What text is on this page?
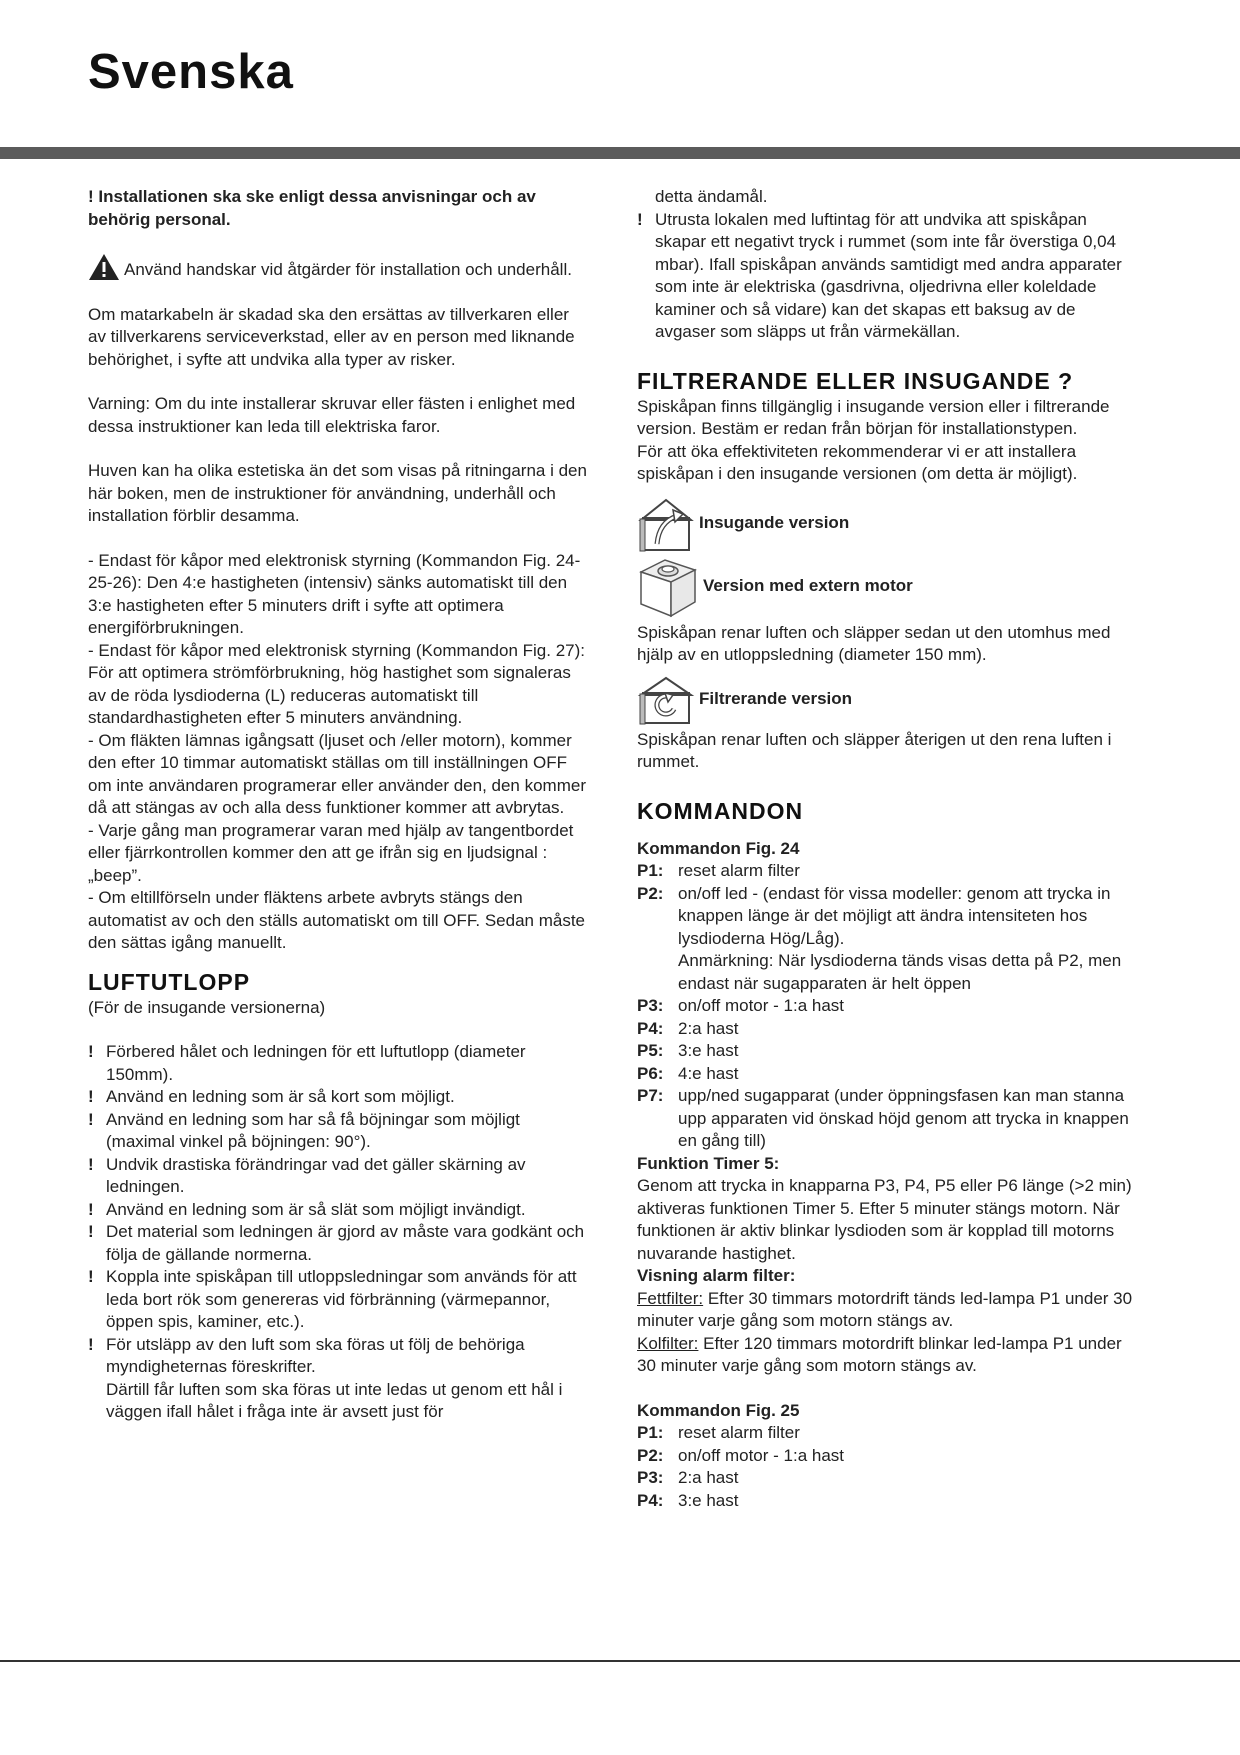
Svenska

! Installationen ska ske enligt dessa anvisningar och av behörig personal.

Använd handskar vid åtgärder för installation och underhåll.

Om matarkabeln är skadad ska den ersättas av tillverkaren eller av tillverkarens serviceverkstad, eller av en person med liknande behörighet, i syfte att undvika alla typer av risker.

Varning: Om du inte installerar skruvar eller fästen i enlighet med dessa instruktioner kan leda till elektriska faror.

Huven kan ha olika estetiska än det som visas på ritningarna i den här boken, men de instruktioner för användning, underhåll och installation förblir desamma.

- Endast för kåpor med elektronisk styrning (Kommandon Fig. 24-25-26): Den 4:e hastigheten (intensiv) sänks automatiskt till den 3:e hastigheten efter 5 minuters drift i syfte att optimera energiförbrukningen.

- Endast för kåpor med elektronisk styrning (Kommandon Fig. 27): För att optimera strömförbrukning, hög hastighet som signaleras av de röda lysdioderna (L) reduceras automatiskt till standardhastigheten efter 5 minuters användning.

- Om fläkten lämnas igångsatt (ljuset och /eller motorn), kommer den efter 10 timmar automatiskt ställas om till inställningen OFF om inte användaren programerar eller använder den, den kommer då att stängas av och alla dess funktioner kommer att avbrytas.

- Varje gång man programerar varan med hjälp av tangentbordet eller fjärrkontrollen kommer den att ge ifrån sig en ljudsignal : „beep”.

- Om eltillförseln under fläktens arbete avbryts stängs den automatist av och den ställs automatiskt om till OFF. Sedan måste den sättas igång manuellt.

LUFTUTLOPP

(För de insugande versionerna)

! Förbered hålet och ledningen för ett luftutlopp (diameter 150mm).
! Använd en ledning som är så kort som möjligt.
! Använd en ledning som har så få böjningar som möjligt (maximal vinkel på böjningen: 90°).
! Undvik drastiska förändringar vad det gäller skärning av ledningen.
! Använd en ledning som är så slät som möjligt invändigt.
! Det material som ledningen är gjord av måste vara godkänt och följa de gällande normerna.
! Koppla inte spiskåpan till utloppsledningar som används för att leda bort rök som genereras vid förbränning (värmepannor, öppen spis, kaminer, etc.).
! För utsläpp av den luft som ska föras ut följ de behöriga myndigheternas föreskrifter.
Därtill får luften som ska föras ut inte ledas ut genom ett hål i väggen ifall hålet i fråga inte är avsett just för

detta ändamål.

! Utrusta lokalen med luftintag för att undvika att spiskåpan skapar ett negativt tryck i rummet (som inte får överstiga 0,04 mbar). Ifall spiskåpan används samtidigt med andra apparater som inte är elektriska (gasdrivna, oljedrivna eller koleldade kaminer och så vidare) kan det skapas ett baksug av de avgaser som släpps ut från värmekällan.
FILTRERANDE ELLER INSUGANDE ?

Spiskåpan finns tillgänglig i insugande version eller i filtrerande version. Bestäm er redan från början för installationstypen.

För att öka effektiviteten rekommenderar vi er att installera spiskåpan i den insugande versionen (om detta är möjligt).

Insugande version
Version med extern motor

Spiskåpan renar luften och släpper sedan ut den utomhus med hjälp av en utloppsledning (diameter 150 mm).

Filtrerande version

Spiskåpan renar luften och släpper återigen ut den rena luften i rummet.

KOMMANDON

Kommandon Fig. 24

P1: reset alarm filter
P2: on/off led - (endast för vissa modeller: genom att trycka in knappen länge är det möjligt att ändra intensiteten hos lysdioderna Hög/Låg).
Anmärkning: När lysdioderna tänds visas detta på P2, men endast när sugapparaten är helt öppen
P3: on/off motor - 1:a hast
P4: 2:a hast
P5: 3:e hast
P6: 4:e hast
P7: upp/ned sugapparat (under öppningsfasen kan man stanna upp apparaten vid önskad höjd genom att trycka in knappen en gång till)

Funktion Timer 5:

Genom att trycka in knapparna P3, P4, P5 eller P6 länge (>2 min) aktiveras funktionen Timer 5. Efter 5 minuter stängs motorn. När funktionen är aktiv blinkar lysdioden som är kopplad till motorns nuvarande hastighet.

Visning alarm filter:

Fettfilter: Efter 30 timmars motordrift tänds led-lampa P1 under 30 minuter varje gång som motorn stängs av.

Kolfilter: Efter 120 timmars motordrift blinkar led-lampa P1 under 30 minuter varje gång som motorn stängs av.

Kommandon Fig. 25

P1: reset alarm filter
P2: on/off motor - 1:a hast
P3: 2:a hast
P4: 3:e hast
